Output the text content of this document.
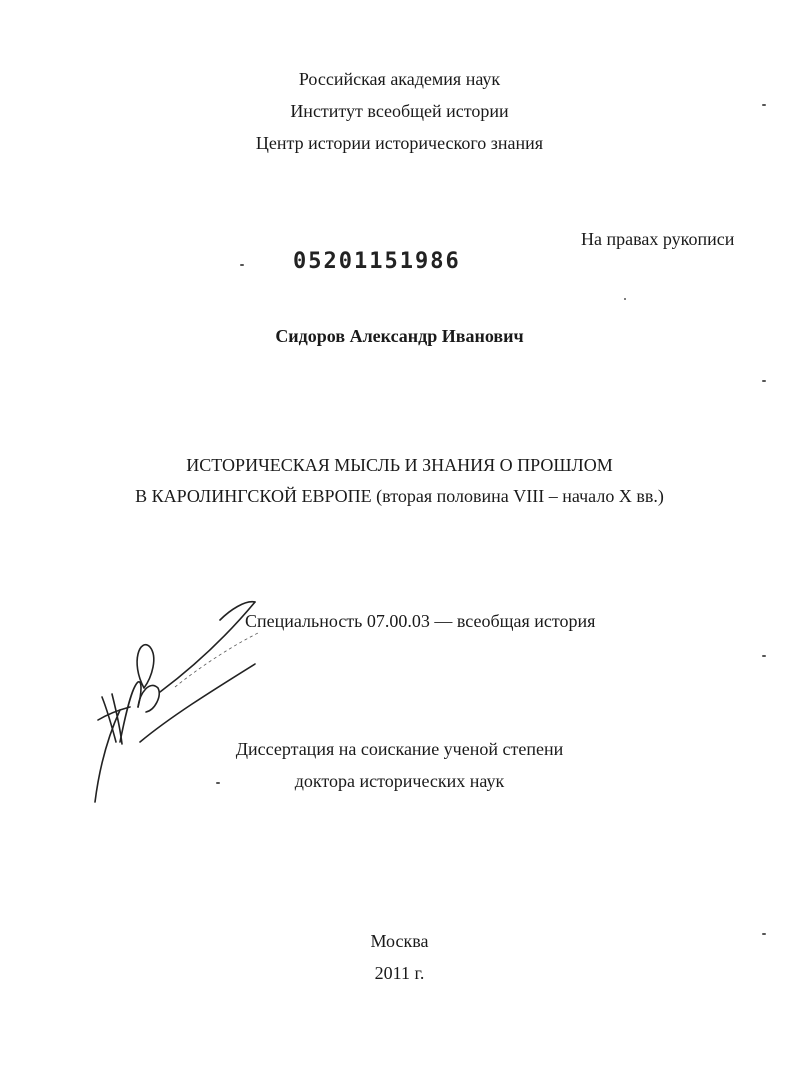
Российская академия наук
Институт всеобщей истории
Центр истории исторического знания
На правах рукописи
05201151986
Сидоров Александр Иванович
ИСТОРИЧЕСКАЯ МЫСЛЬ И ЗНАНИЯ О ПРОШЛОМ
В КАРОЛИНГСКОЙ ЕВРОПЕ (вторая половина VIII – начало X вв.)
Специальность 07.00.03 — всеобщая история
Диссертация на соискание ученой степени
доктора исторических наук
Москва
2011 г.
